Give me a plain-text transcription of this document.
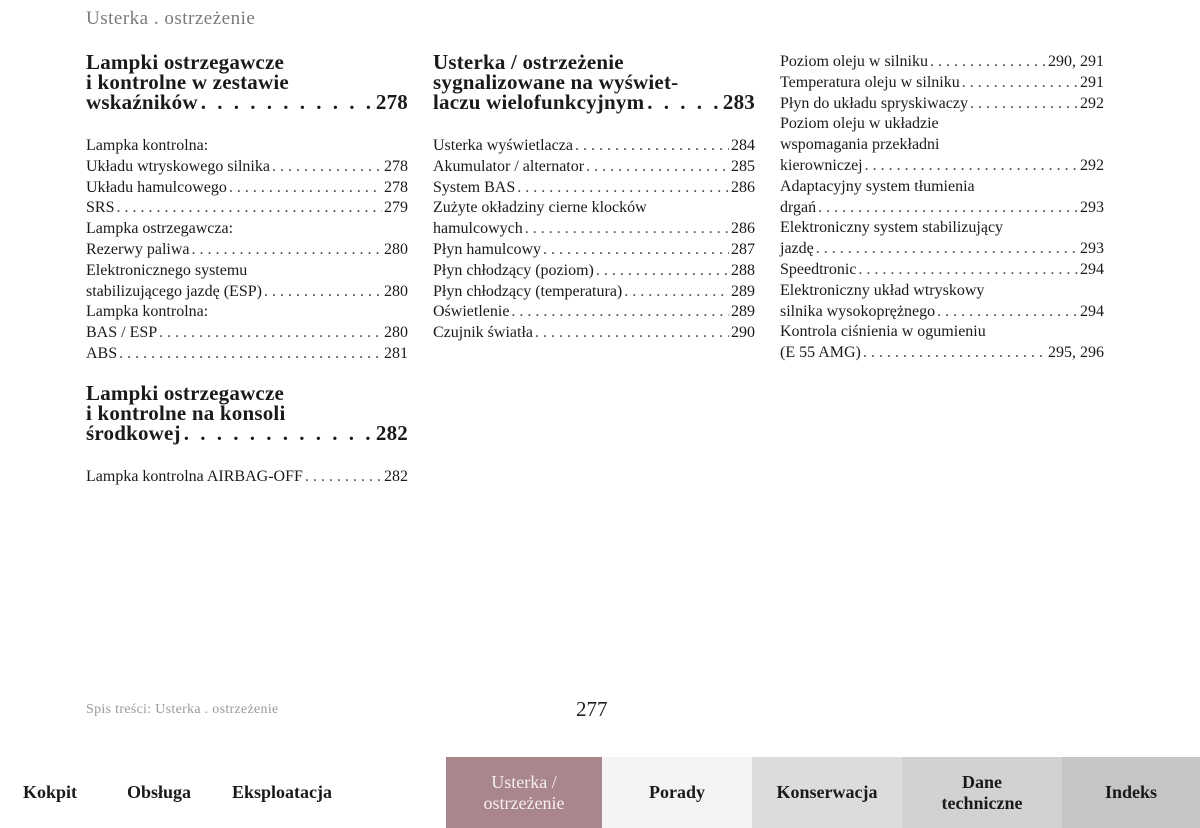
Usterka . ostrzeżenie
Lampki ostrzegawcze
i kontrolne w zestawie
wskaźników . . .	278
Lampka kontrolna:
Układu wtryskowego silnika . . .	278
Układu hamulcowego . . .	278
SRS . . .	279
Lampka ostrzegawcza:
Rezerwy paliwa . . .	280
Elektronicznego systemu
stabilizującego jazdę (ESP) . . .	280
Lampka kontrolna:
BAS / ESP . . .	280
ABS . . .	281
Lampki ostrzegawcze
i kontrolne na konsoli
środkowej . . .	282
Lampka kontrolna AIRBAG-OFF . . .	282
Usterka / ostrzeżenie
sygnalizowane na wyświet-
laczu wielofunkcyjnym . . .	283
Usterka wyświetlacza . . .	284
Akumulator / alternator . . .	285
System BAS . . .	286
Zużyte okładziny cierne klocków
hamulcowych . . .	286
Płyn hamulcowy . . .	287
Płyn chłodzący (poziom) . . .	288
Płyn chłodzący (temperatura) . . .	289
Oświetlenie . . .	289
Czujnik światła . . .	290
Poziom oleju w silniku . . .	290, 291
Temperatura oleju w silniku . . .	291
Płyn do układu spryskiwaczy . . .	292
Poziom oleju w układzie
wspomagania przekładni
kierowniczej . . .	292
Adaptacyjny system tłumienia
drgań . . .	293
Elektroniczny system stabilizujący
jazdę . . .	293
Speedtronic . . .	294
Elektroniczny układ wtryskowy
silnika wysokoprężnego . . .	294
Kontrola ciśnienia w ogumieniu
(E 55 AMG) . . .	295, 296
Spis treści: Usterka . ostrzeżenie	277
Kokpit	Obsługa Eksploatacja
Usterka /
ostrzeżenie
Porady	Konserwacja
Dane
techniczne
Indeks
